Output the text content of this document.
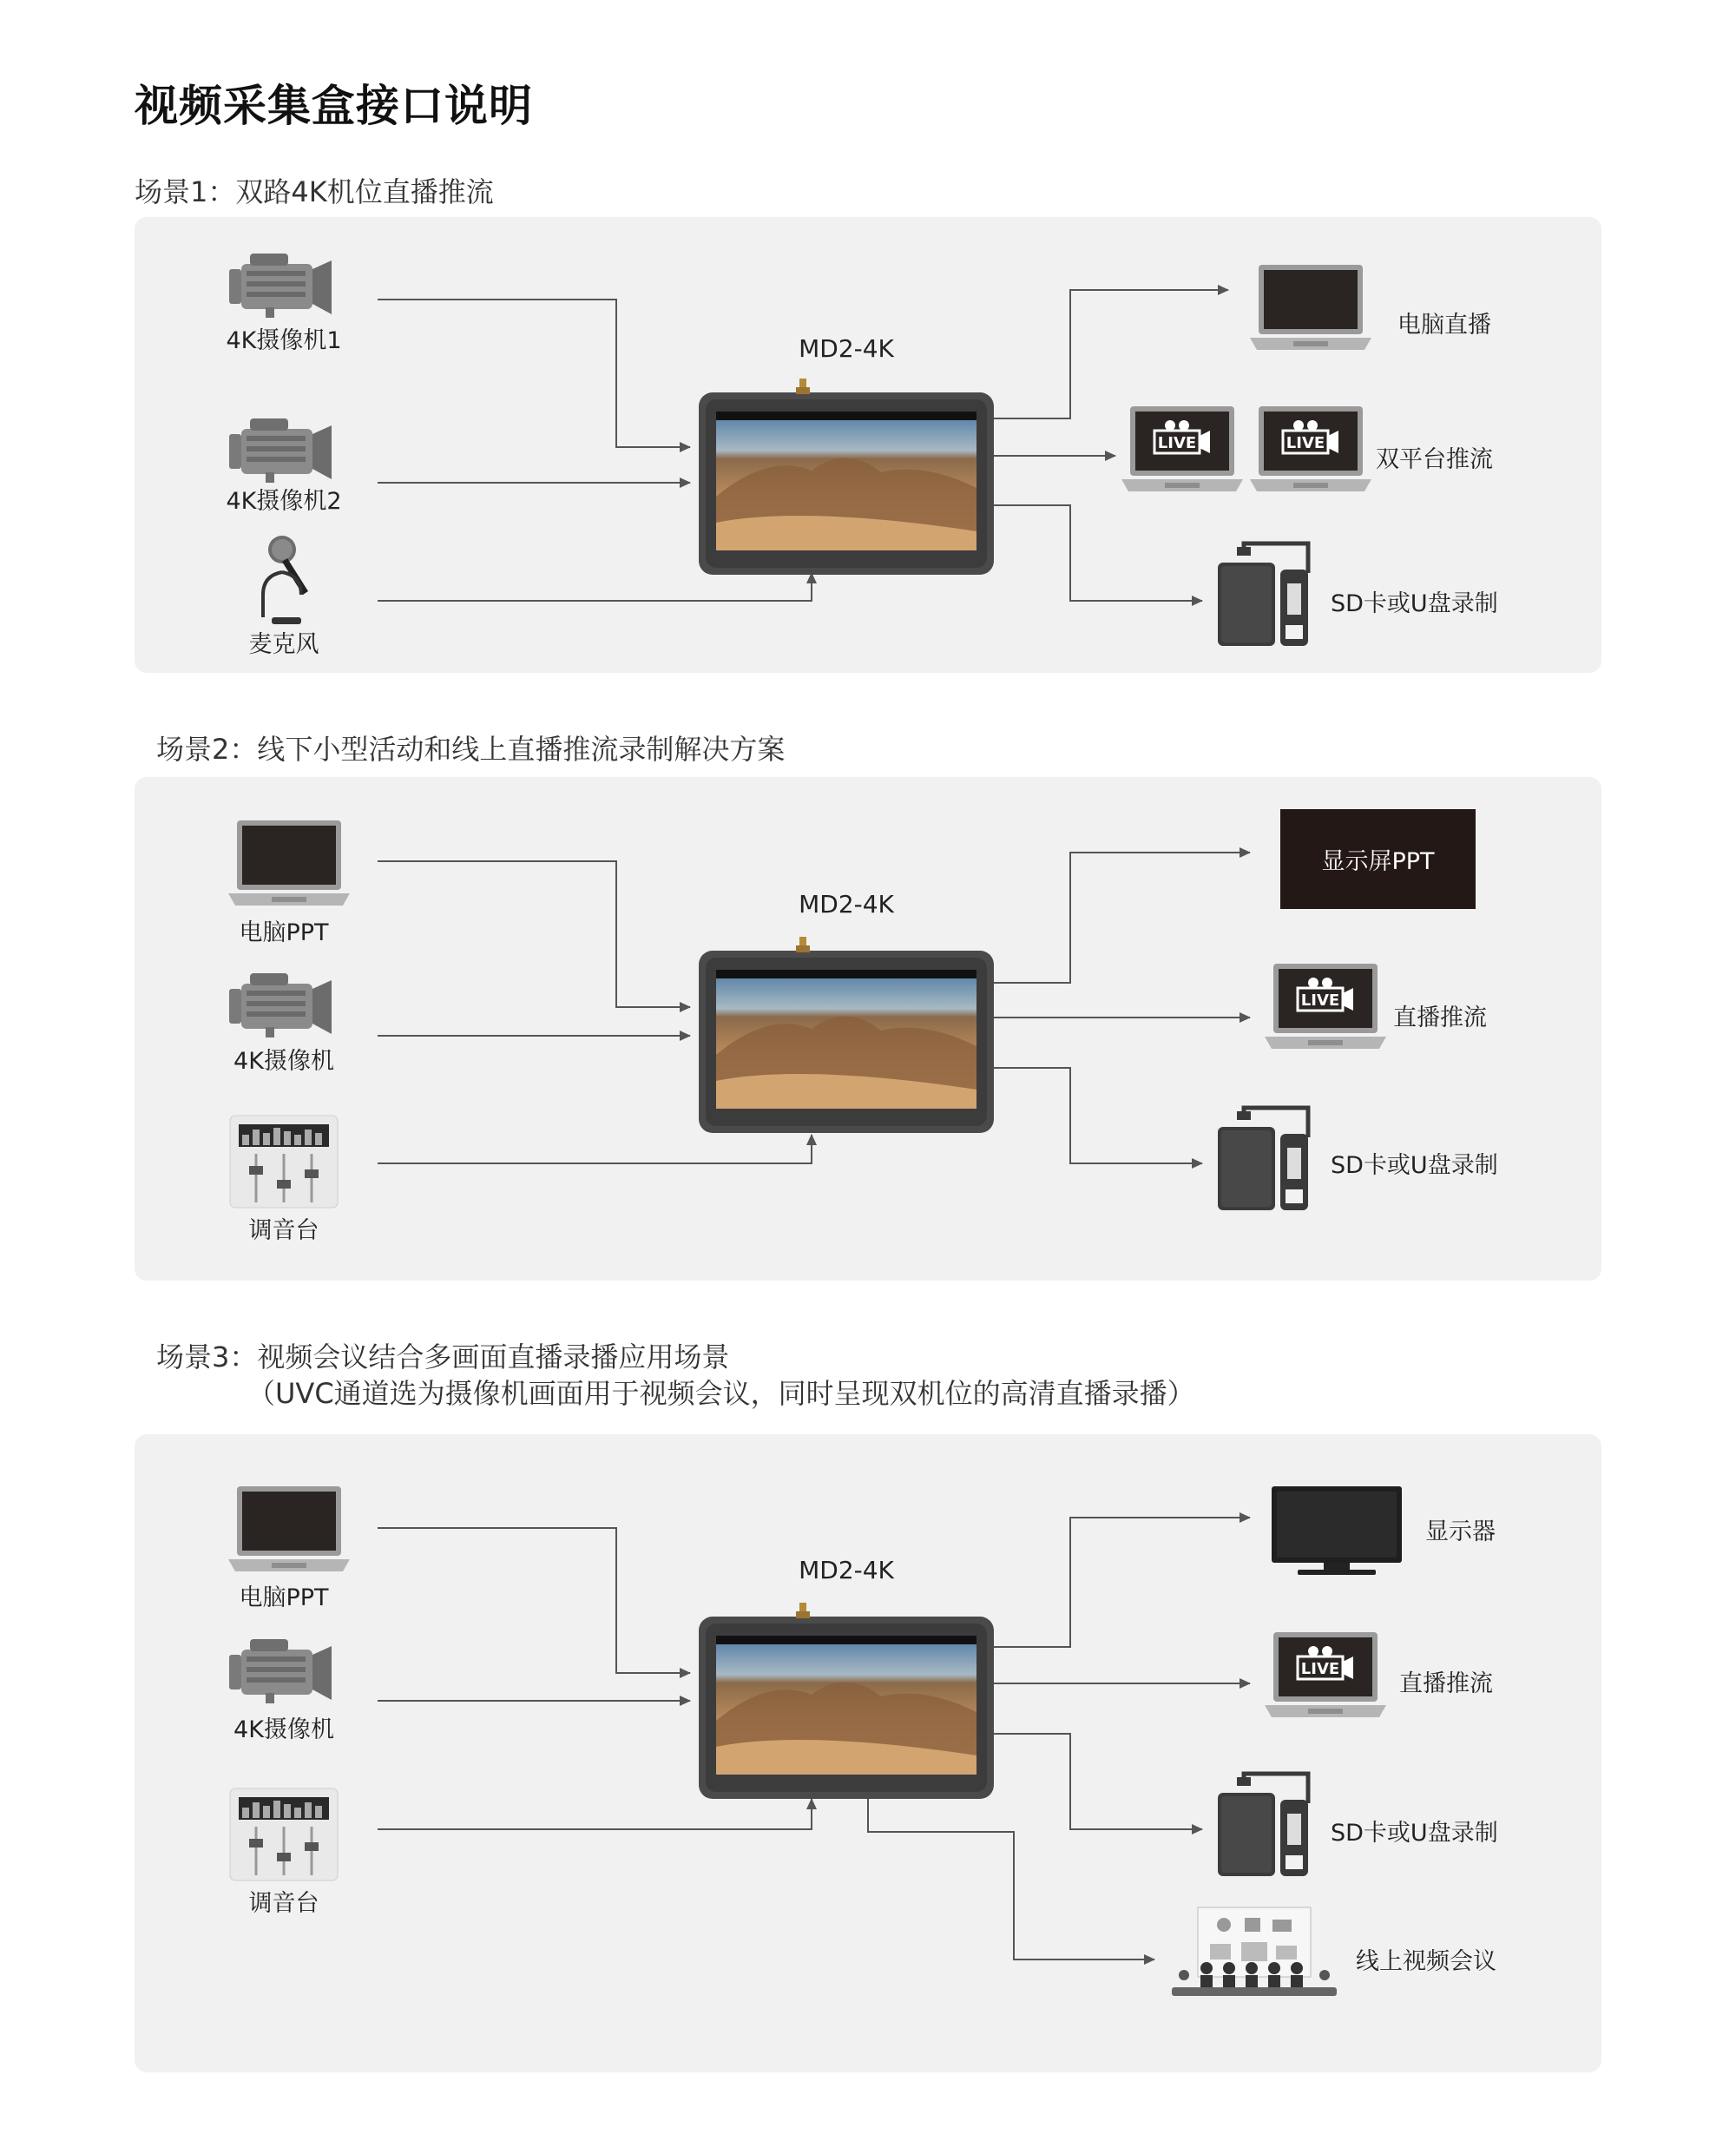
视频采集盒接口说明
场景1：双路4K机位直播推流
MD2-4K
4K摄像机1
4K摄像机2
麦克风
电脑直播
双平台推流
SD卡或U盘录制
场景2：线下小型活动和线上直播推流录制解决方案
MD2-4K
显示屏PPT
电脑PPT
4K摄像机
调音台
直播推流
SD卡或U盘录制
场景3：视频会议结合多画面直播录播应用场景
（UVC通道选为摄像机画面用于视频会议，同时呈现双机位的高清直播录播）
MD2-4K
电脑PPT
4K摄像机
调音台
显示器
直播推流
SD卡或U盘录制
线上视频会议
